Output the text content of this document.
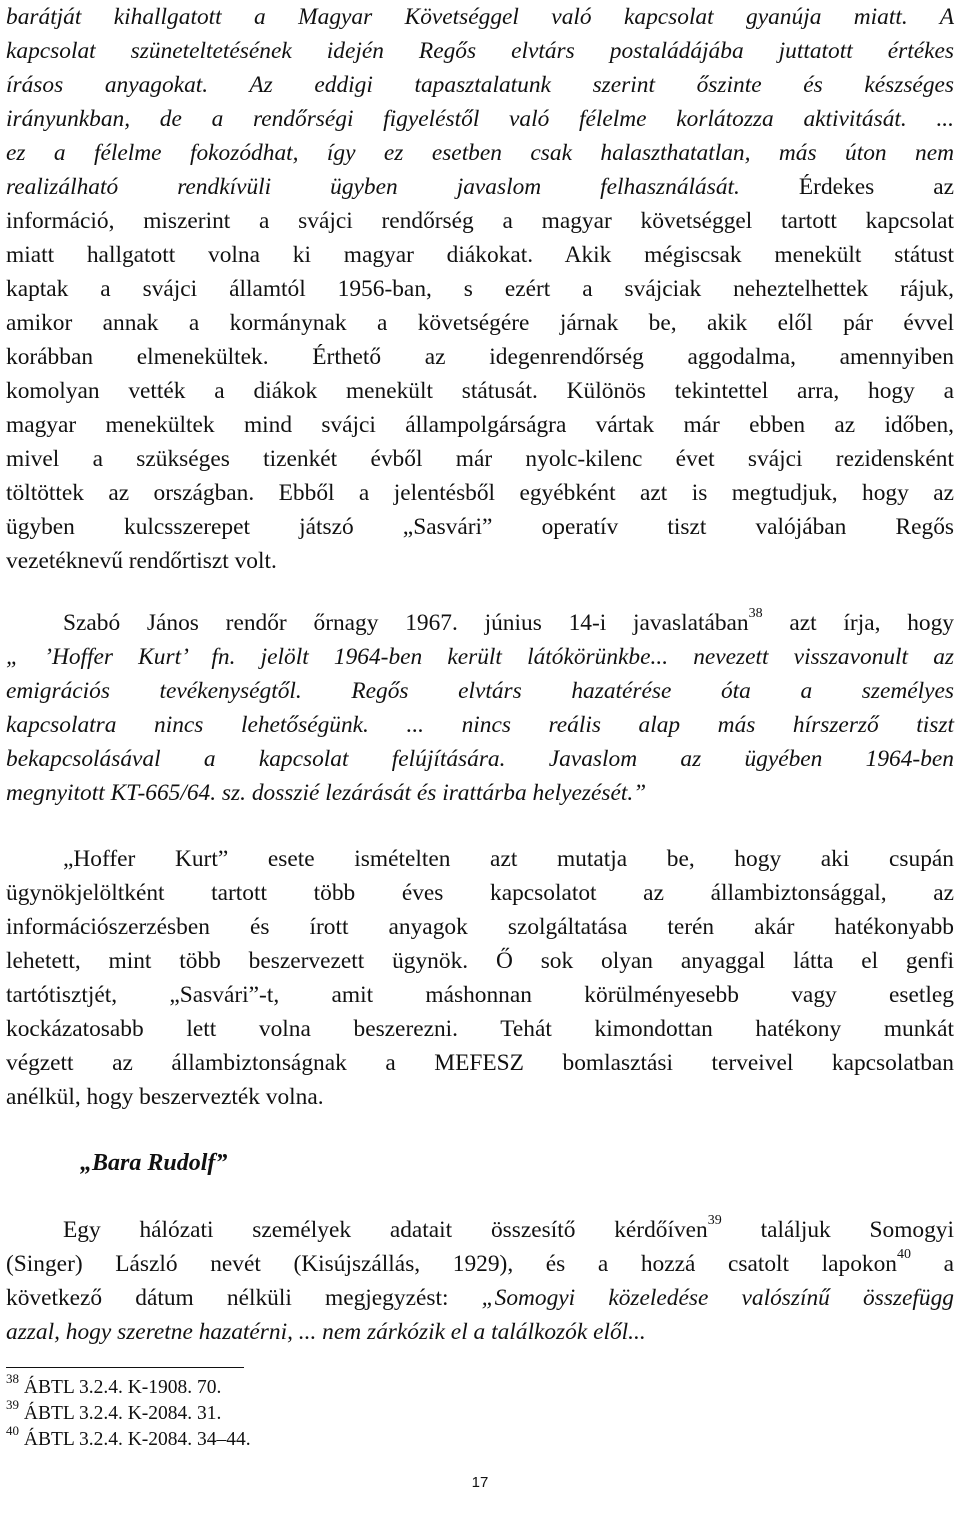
barátját kihallgatott a Magyar Követséggel való kapcsolat gyanúja miatt. A
kapcsolat szüneteltetésének idején Regős elvtárs postaládájába juttatott értékes
írásos anyagokat. Az eddigi tapasztalatunk szerint őszinte és készséges
irányunkban, de a rendőrségi figyeléstől való félelme korlátozza aktivitását. ...
ez a félelme fokozódhat, így ez esetben csak halaszthatatlan, más úton nem
realizálható rendkívüli ügyben javaslom felhasználását. Érdekes az
információ, miszerint a svájci rendőrség a magyar követséggel tartott kapcsolat
miatt hallgatott volna ki magyar diákokat. Akik mégiscsak menekült státust
kaptak a svájci államtól 1956-ban, s ezért a svájciak neheztelhettek rájuk,
amikor annak a kormánynak a követségére járnak be, akik elől pár évvel
korábban elmenekültek. Érthető az idegenrendőrség aggodalma, amennyiben
komolyan vették a diákok menekült státusát. Különös tekintettel arra, hogy a
magyar menekültek mind svájci állampolgárságra vártak már ebben az időben,
mivel a szükséges tizenkét évből már nyolc-kilenc évet svájci rezidensként
töltöttek az országban. Ebből a jelentésből egyébként azt is megtudjuk, hogy az
ügyben kulcsszerepet játszó „Sasvári” operatív tiszt valójában Regős
vezetéknevű rendőrtiszt volt.
Szabó János rendőr őrnagy 1967. június 14-i javaslatában$^{38}$ azt írja, hogy
„ ’Hoffer Kurt’ fn. jelölt 1964-ben került látókörünkbe... nevezett visszavonult az
emigrációs tevékenységtől. Regős elvtárs hazatérése óta a személyes
kapcsolatra nincs lehetőségünk. ... nincs reális alap más hírszerző tiszt
bekapcsolásával a kapcsolat felújítására. Javaslom az ügyében 1964-ben
megnyitott KT-665/64. sz. dosszié lezárását és irattárba helyezését.”
„Hoffer Kurt” esete ismételten azt mutatja be, hogy aki csupán
ügynökjelöltként tartott több éves kapcsolatot az állambiztonsággal, az
információszerzésben és írott anyagok szolgáltatása terén akár hatékonyabb
lehetett, mint több beszervezett ügynök. Ő sok olyan anyaggal látta el genfi
tartótisztjét, „Sasvári”-t, amit máshonnan körülményesebb vagy esetleg
kockázatosabb lett volna beszerezni. Tehát kimondottan hatékony munkát
végzett az állambiztonságnak a MEFESZ bomlasztási terveivel kapcsolatban
anélkül, hogy beszervezték volna.
„Bara Rudolf”
Egy hálózati személyek adatait összesítő kérdőíven$^{39}$ találjuk Somogyi
(Singer) László nevét (Kisújszállás, 1929), és a hozzá csatolt lapokon$^{40}$ a
következő dátum nélküli megjegyzést: „Somogyi közeledése valószínű összefügg
azzal, hogy szeretne hazatérni, ... nem zárkózik el a találkozók elől...
$^{38}$ ÁBTL 3.2.4. K-1908. 70.
$^{39}$ ÁBTL 3.2.4. K-2084. 31.
$^{40}$ ÁBTL 3.2.4. K-2084. 34–44.
17
